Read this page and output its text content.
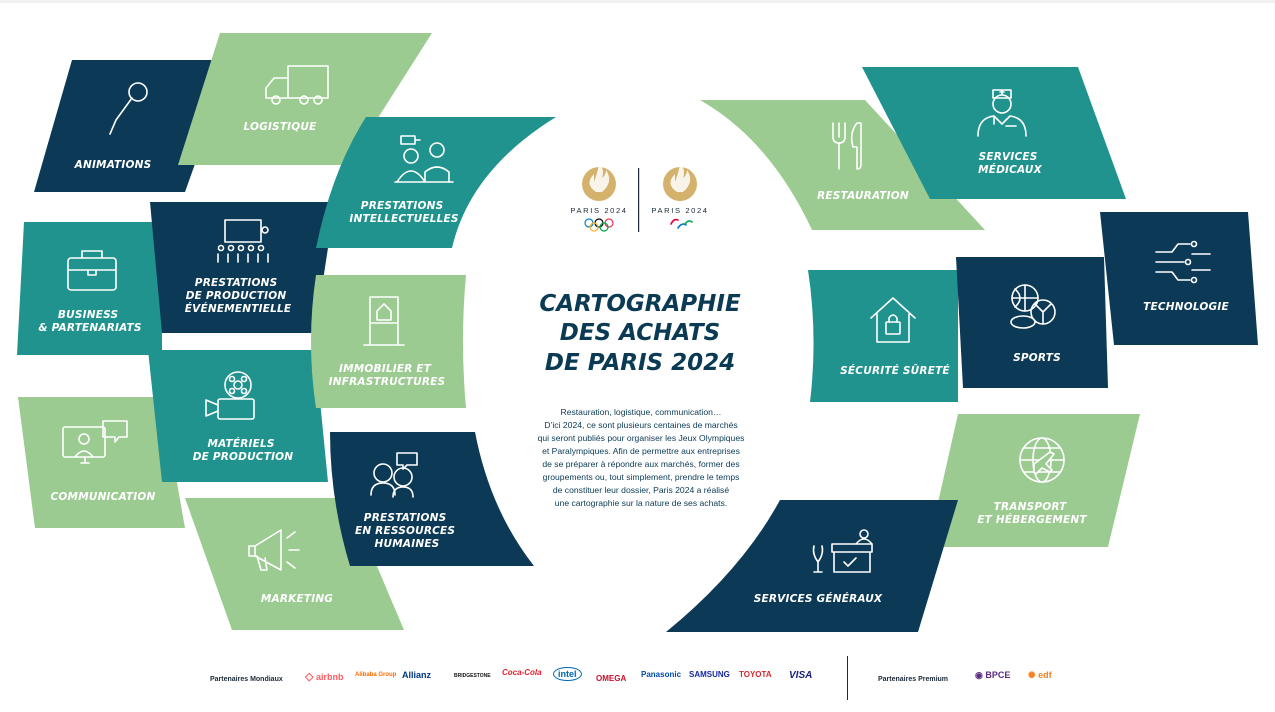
ANIMATIONS
BUSINESS & PARTENARIATS
COMMUNICATION
LOGISTIQUE
PRESTATIONS DE PRODUCTION ÉVÉNEMENTIELLE
MATÉRIELS DE PRODUCTION
MARKETING
PRESTATIONS INTELLECTUELLES
IMMOBILIER ET INFRASTRUCTURES
PRESTATIONS EN RESSOURCES HUMAINES
RESTAURATION
SERVICES MÉDICAUX
TECHNOLOGIE
SÉCURITÉ SÛRETÉ
SPORTS
TRANSPORT ET HÉBERGEMENT
SERVICES GÉNÉRAUX
PARIS 2024	PARIS 2024
CARTOGRAPHIE
DES ACHATS
DE PARIS 2024
Restauration, logistique, communication…
D’ici 2024, ce sont plusieurs centaines de marchés
qui seront publiés pour organiser les Jeux Olympiques
et Paralympiques. Afin de permettre aux entreprises
de se préparer à répondre aux marchés, former des
groupements ou, tout simplement, prendre le temps
de constituer leur dossier, Paris 2024 a réalisé
une cartographie sur la nature de ses achats.
Partenaires Mondiaux ◇ airbnb Alibaba Group Allianz	BRIDGESTONE Coca-Cola	intel	OMEGA Panasonic SAMSUNG TOYOTA VISA	Partenaires Premium	◉ BPCE ✺ edf
